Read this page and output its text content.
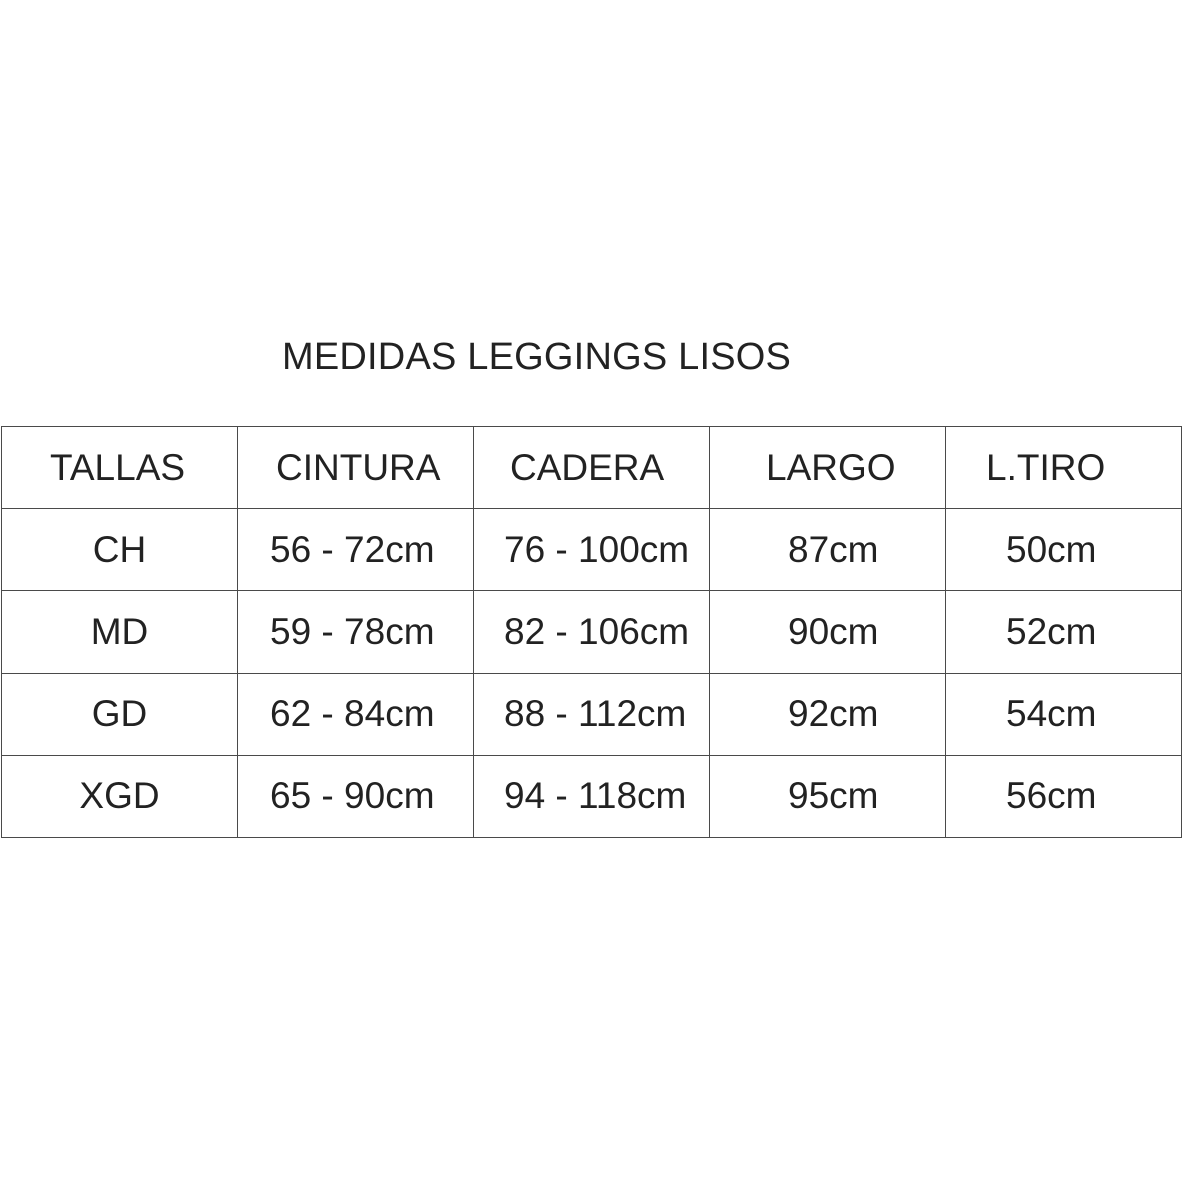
MEDIDAS LEGGINGS LISOS
TALLAS	CINTURA	CADERA	LARGO	L.TIRO
CH	56 - 72cm	76 - 100cm	87cm	50cm
MD	59 - 78cm	82 - 106cm	90cm	52cm
GD	62 - 84cm	88 - 112cm	92cm	54cm
XGD	65 - 90cm	94 - 118cm	95cm	56cm
